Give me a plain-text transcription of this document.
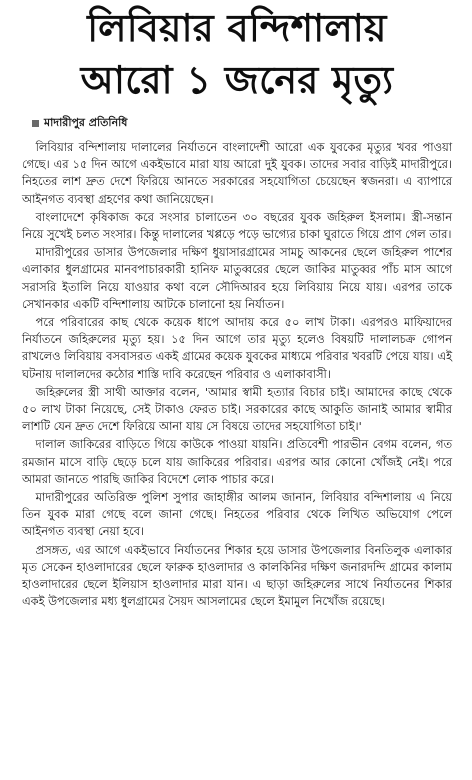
লিবিয়ার বন্দিশালায়
আরো ১ জনের মৃত্যু
মাদারীপুর প্রতিনিধি

লিবিয়ার বন্দিশালায় দালালের নির্যাতনে বাংলাদেশী আরো এক যুবকের মৃত্যুর খবর পাওয়া গেছে। এর ১৫ দিন আগে একইভাবে মারা যায় আরো দুই যুবক। তাদের সবার বাড়িই মাদারীপুরে। নিহতের লাশ দ্রুত দেশে ফিরিয়ে আনতে সরকারের সহযোগিতা চেয়েছেন স্বজনরা। এ ব্যাপারে আইনগত ব্যবস্থা গ্রহণের কথা জানিয়েছেন।

বাংলাদেশে কৃষিকাজ করে সংসার চালাতেন ৩০ বছরের যুবক জহিরুল ইসলাম। স্ত্রী-সন্তান নিয়ে সুখেই চলত সংসার। কিন্তু দালালের খপ্পড়ে পড়ে ভাগ্যের চাকা ঘুরাতে গিয়ে প্রাণ গেল তার।

মাদারীপুরের ডাসার উপজেলার দক্ষিণ ধুয়াসারগ্রামের সামচু আকনের ছেলে জহিরুল পাশের এলাকার ধুলগ্রামের মানবপাচারকারী হানিফ মাতুব্বরের ছেলে জাকির মাতুব্বর পাঁচ মাস আগে সরাসরি ইতালি নিয়ে যাওয়ার কথা বলে সৌদিআরব হয়ে লিবিয়ায় নিয়ে যায়। এরপর তাকে সেখানকার একটি বন্দিশালায় আটকে চালানো হয় নির্যাতন।

পরে পরিবারের কাছ থেকে কয়েক ধাপে আদায় করে ৫০ লাখ টাকা। এরপরও মাফিয়াদের নির্যাতনে জহিরুলের মৃত্যু হয়। ১৫ দিন আগে তার মৃত্যু হলেও বিষয়টি দালালচক্র গোপন রাখলেও লিবিয়ায় বসবাসরত একই গ্রামের কয়েক যুবকের মাধ্যমে পরিবার খবরটি পেয়ে যায়। এই ঘটনায় দালালদের কঠোর শাস্তি দাবি করেছেন পরিবার ও এলাকাবাসী।

জহিরুলের স্ত্রী সাথী আক্তার বলেন, 'আমার স্বামী হত্যার বিচার চাই। আমাদের কাছে থেকে ৫০ লাখ টাকা নিয়েছে, সেই টাকাও ফেরত চাই। সরকারের কাছে আকুতি জানাই আমার স্বামীর লাশটি যেন দ্রুত দেশে ফিরিয়ে আনা যায় সে বিষয়ে তাদের সহযোগিতা চাই।'

দালাল জাকিরের বাড়িতে গিয়ে কাউকে পাওয়া যায়নি। প্রতিবেশী পারভীন বেগম বলেন, গত রমজান মাসে বাড়ি ছেড়ে চলে যায় জাকিরের পরিবার। এরপর আর কোনো খোঁজই নেই। পরে আমরা জানতে পারছি জাকির বিদেশে লোক পাচার করে।

মাদারীপুরের অতিরিক্ত পুলিশ সুপার জাহাঙ্গীর আলম জানান, লিবিয়ার বন্দিশালায় এ নিয়ে তিন যুবক মারা গেছে বলে জানা গেছে। নিহতের পরিবার থেকে লিখিত অভিযোগ পেলে আইনগত ব্যবস্থা নেয়া হবে।

প্রসঙ্গত, এর আগে একইভাবে নির্যাতনের শিকার হয়ে ডাসার উপজেলার বিনতিলুক এলাকার মৃত সেকেন হাওলাদারের ছেলে ফারুক হাওলাদার ও কালকিনির দক্ষিণ জনারদন্দি গ্রামের কালাম হাওলাদারের ছেলে ইলিয়াস হাওলাদার মারা যান। এ ছাড়া জহিরুলের সাথে নির্যাতনের শিকার একই উপজেলার মধ্য ধুলগ্রামের সৈয়দ আসলামের ছেলে ইমামুল নিখোঁজ রয়েছে।
